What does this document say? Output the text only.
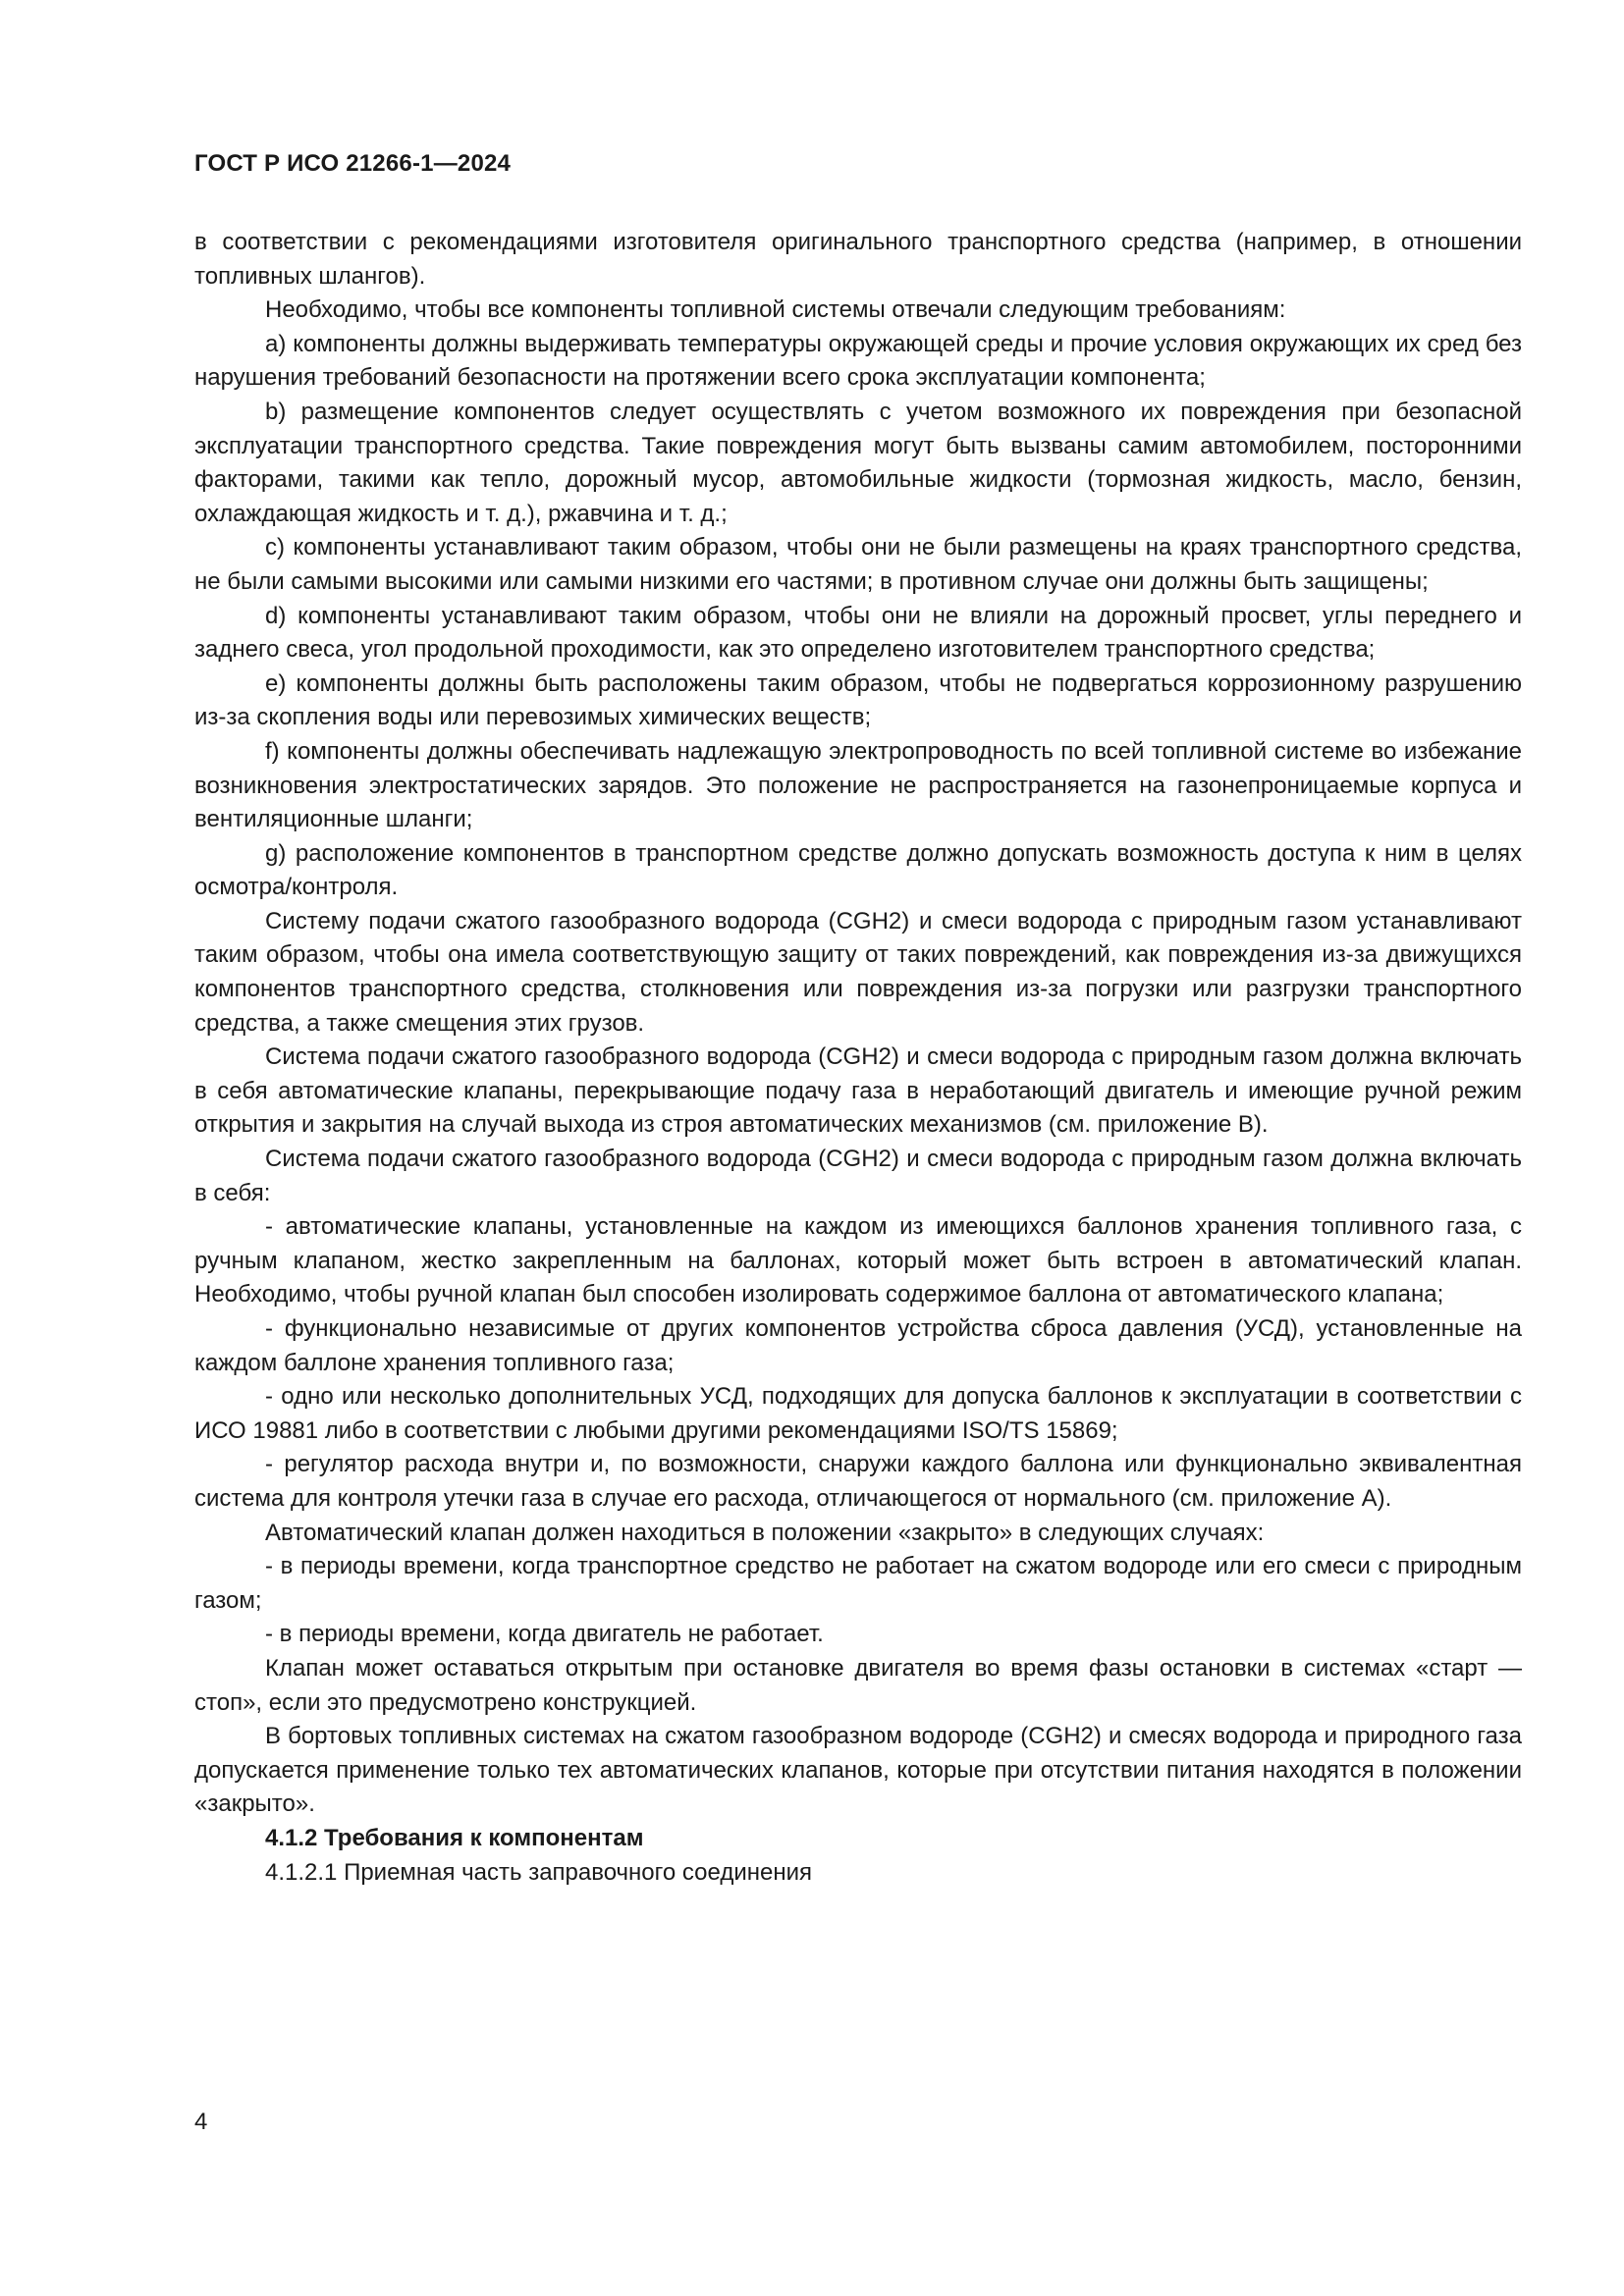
ГОСТ Р ИСО 21266-1—2024

в соответствии с рекомендациями изготовителя оригинального транспортного средства (например, в отношении топливных шлангов).

Необходимо, чтобы все компоненты топливной системы отвечали следующим требованиям:

a) компоненты должны выдерживать температуры окружающей среды и прочие условия окружающих их сред без нарушения требований безопасности на протяжении всего срока эксплуатации компонента;

b) размещение компонентов следует осуществлять с учетом возможного их повреждения при безопасной эксплуатации транспортного средства. Такие повреждения могут быть вызваны самим автомобилем, посторонними факторами, такими как тепло, дорожный мусор, автомобильные жидкости (тормозная жидкость, масло, бензин, охлаждающая жидкость и т. д.), ржавчина и т. д.;

c) компоненты устанавливают таким образом, чтобы они не были размещены на краях транспортного средства, не были самыми высокими или самыми низкими его частями; в противном случае они должны быть защищены;

d) компоненты устанавливают таким образом, чтобы они не влияли на дорожный просвет, углы переднего и заднего свеса, угол продольной проходимости, как это определено изготовителем транспортного средства;

e) компоненты должны быть расположены таким образом, чтобы не подвергаться коррозионному разрушению из-за скопления воды или перевозимых химических веществ;

f) компоненты должны обеспечивать надлежащую электропроводность по всей топливной системе во избежание возникновения электростатических зарядов. Это положение не распространяется на газонепроницаемые корпуса и вентиляционные шланги;

g) расположение компонентов в транспортном средстве должно допускать возможность доступа к ним в целях осмотра/контроля.

Систему подачи сжатого газообразного водорода (CGH2) и смеси водорода с природным газом устанавливают таким образом, чтобы она имела соответствующую защиту от таких повреждений, как повреждения из-за движущихся компонентов транспортного средства, столкновения или повреждения из-за погрузки или разгрузки транспортного средства, а также смещения этих грузов.

Система подачи сжатого газообразного водорода (CGH2) и смеси водорода с природным газом должна включать в себя автоматические клапаны, перекрывающие подачу газа в неработающий двигатель и имеющие ручной режим открытия и закрытия на случай выхода из строя автоматических механизмов (см. приложение B).

Система подачи сжатого газообразного водорода (CGH2) и смеси водорода с природным газом должна включать в себя:

- автоматические клапаны, установленные на каждом из имеющихся баллонов хранения топливного газа, с ручным клапаном, жестко закрепленным на баллонах, который может быть встроен в автоматический клапан. Необходимо, чтобы ручной клапан был способен изолировать содержимое баллона от автоматического клапана;

- функционально независимые от других компонентов устройства сброса давления (УСД), установленные на каждом баллоне хранения топливного газа;

- одно или несколько дополнительных УСД, подходящих для допуска баллонов к эксплуатации в соответствии с ИСО 19881 либо в соответствии с любыми другими рекомендациями ISO/TS 15869;

- регулятор расхода внутри и, по возможности, снаружи каждого баллона или функционально эквивалентная система для контроля утечки газа в случае его расхода, отличающегося от нормального (см. приложение A).

Автоматический клапан должен находиться в положении «закрыто» в следующих случаях:

- в периоды времени, когда транспортное средство не работает на сжатом водороде или его смеси с природным газом;

- в периоды времени, когда двигатель не работает.

Клапан может оставаться открытым при остановке двигателя во время фазы остановки в системах «старт — стоп», если это предусмотрено конструкцией.

В бортовых топливных системах на сжатом газообразном водороде (CGH2) и смесях водорода и природного газа допускается применение только тех автоматических клапанов, которые при отсутствии питания находятся в положении «закрыто».

4.1.2 Требования к компонентам

4.1.2.1 Приемная часть заправочного соединения

4
